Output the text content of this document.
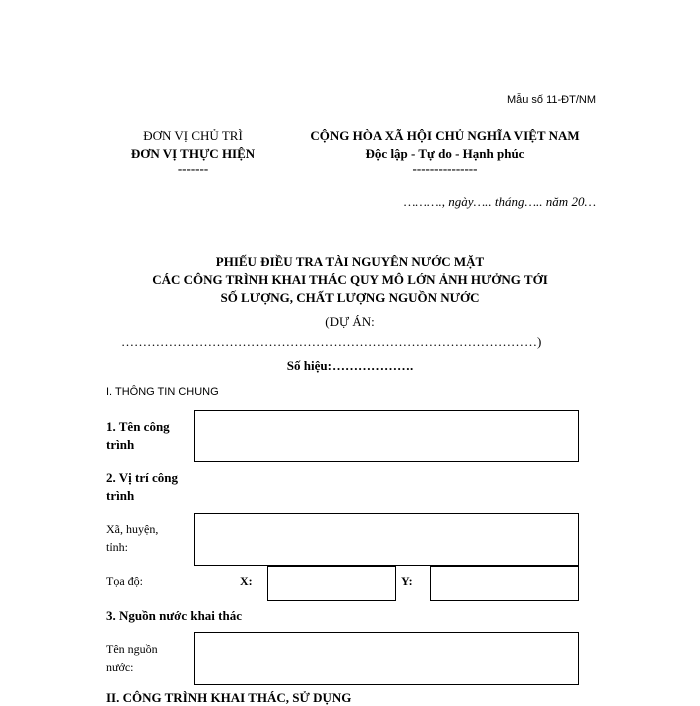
Mẫu số 11-ĐT/NM
ĐƠN VỊ CHỦ TRÌ
ĐƠN VỊ THỰC HIỆN
-------
CỘNG HÒA XÃ HỘI CHỦ NGHĨA VIỆT NAM
Độc lập - Tự do - Hạnh phúc
---------------
………., ngày….. tháng….. năm 20…
PHIẾU ĐIỀU TRA TÀI NGUYÊN NƯỚC MẶT
CÁC CÔNG TRÌNH KHAI THÁC QUY MÔ LỚN ẢNH HƯỞNG TỚI
SỐ LƯỢNG, CHẤT LƯỢNG NGUỒN NƯỚC
(DỰ ÁN:
……………………………………………………………………………………)
Số hiệu:……………….
I. THÔNG TIN CHUNG
1. Tên công
trình
2. Vị trí công
trình
Xã, huyện,
tỉnh:
Tọa độ:	X:	Y:
3. Nguồn nước khai thác
Tên nguồn
nước:
II. CÔNG TRÌNH KHAI THÁC, SỬ DỤNG
